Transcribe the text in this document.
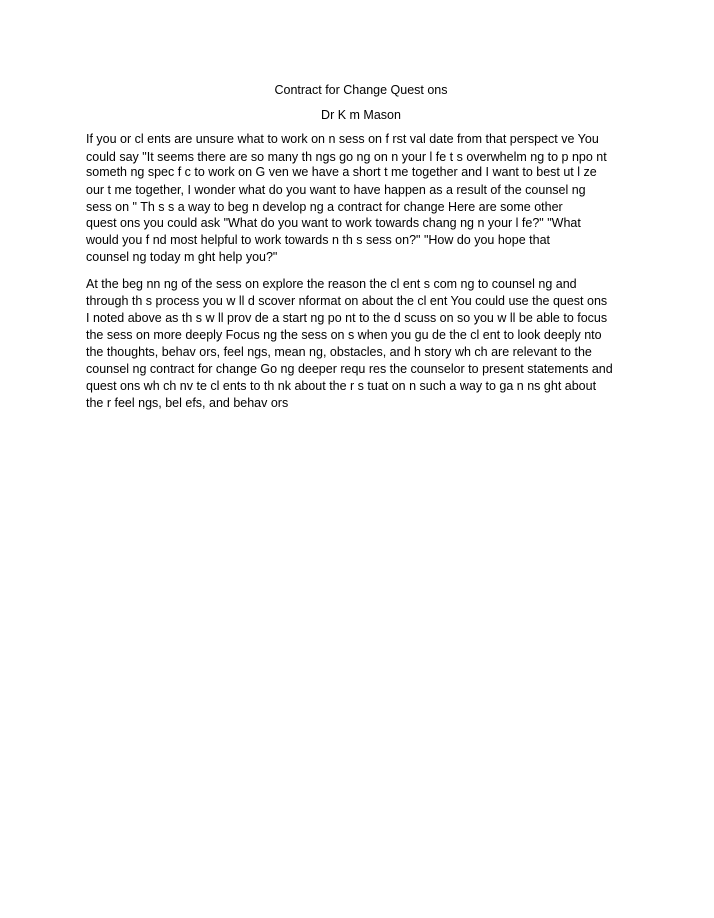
Contract for Change Quest ons
Dr K m Mason
If you or cl ents are unsure what to work on n sess on f rst val date from that perspect ve You
could say "It seems there are so many th ngs go ng on n your l fe t s overwhelm ng to p npo nt
someth ng spec f c to work on G ven we have a short t me together and I want to best ut l ze
our t me together, I wonder what do you want to have happen as a result of the counsel ng
sess on " Th s s a way to beg n develop ng a contract for change Here are some other
quest ons you could ask "What do you want to work towards chang ng n your l fe?" "What
would you f nd most helpful to work towards n th s sess on?" "How do you hope that
counsel ng today m ght help you?"
At the beg nn ng of the sess on explore the reason the cl ent s com ng to counsel ng and
through th s process you w ll d scover nformat on about the cl ent You could use the quest ons
I noted above as th s w ll prov de a start ng po nt to the d scuss on so you w ll be able to focus
the sess on more deeply Focus ng the sess on s when you gu de the cl ent to look deeply nto
the thoughts, behav ors, feel ngs, mean ng, obstacles, and h story wh ch are relevant to the
counsel ng contract for change Go ng deeper requ res the counselor to present statements and
quest ons wh ch nv te cl ents to th nk about the r s tuat on n such a way to ga n ns ght about
the r feel ngs, bel efs, and behav ors
